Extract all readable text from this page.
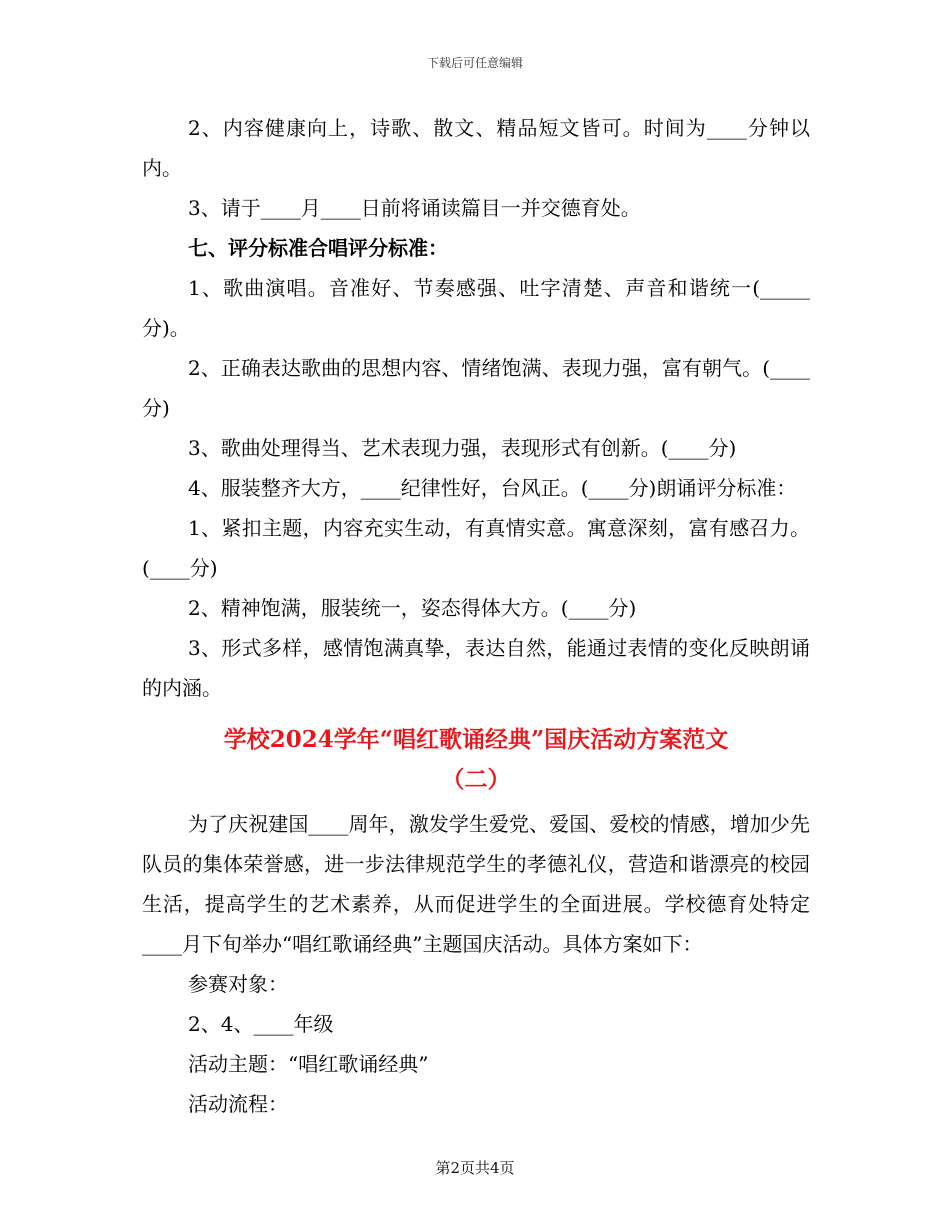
下载后可任意编辑

2、内容健康向上，诗歌、散文、精品短文皆可。时间为____分钟以内。

3、请于____月____日前将诵读篇目一并交德育处。

七、评分标准合唱评分标准：

1、歌曲演唱。音准好、节奏感强、吐字清楚、声音和谐统一(_____分)。

2、正确表达歌曲的思想内容、情绪饱满、表现力强，富有朝气。(____分)

3、歌曲处理得当、艺术表现力强，表现形式有创新。(____分)

4、服装整齐大方，____纪律性好，台风正。(____分)朗诵评分标准：

1、紧扣主题，内容充实生动，有真情实意。寓意深刻，富有感召力。(____分)

2、精神饱满，服装统一，姿态得体大方。(____分)

3、形式多样，感情饱满真挚，表达自然，能通过表情的变化反映朗诵的内涵。

学校2024学年“唱红歌诵经典”国庆活动方案范文

（二）

为了庆祝建国____周年，激发学生爱党、爱国、爱校的情感，增加少先队员的集体荣誉感，进一步法律规范学生的孝德礼仪，营造和谐漂亮的校园生活，提高学生的艺术素养，从而促进学生的全面进展。学校德育处特定____月下旬举办“唱红歌诵经典”主题国庆活动。具体方案如下：

参赛对象：

2、4、____年级

活动主题：“唱红歌诵经典”

活动流程：

第2页共4页
